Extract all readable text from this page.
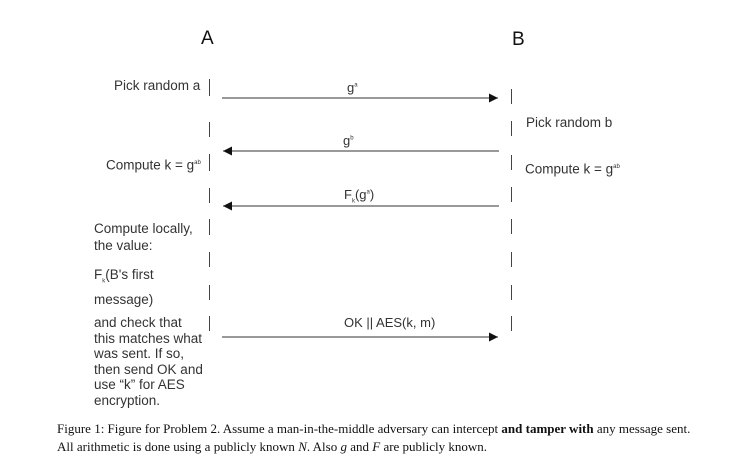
A	B
$g^a$
$g^b$
$F_k(g^a)$
OK || AES(k, m)
Pick random a
Compute $k = g^{ab}$
Compute locally,
the value:
$F_k(B's$ first
message)
and check that
this matches what
was sent. If so,
then send OK and
use “k” for AES
encryption.
Pick random b
Compute $k = g^{ab}$
Figure 1: Figure for Problem 2. Assume a man-in-the-middle adversary can intercept and tamper with any message sent. All arithmetic is done using a publicly known N. Also g and F are publicly known.
